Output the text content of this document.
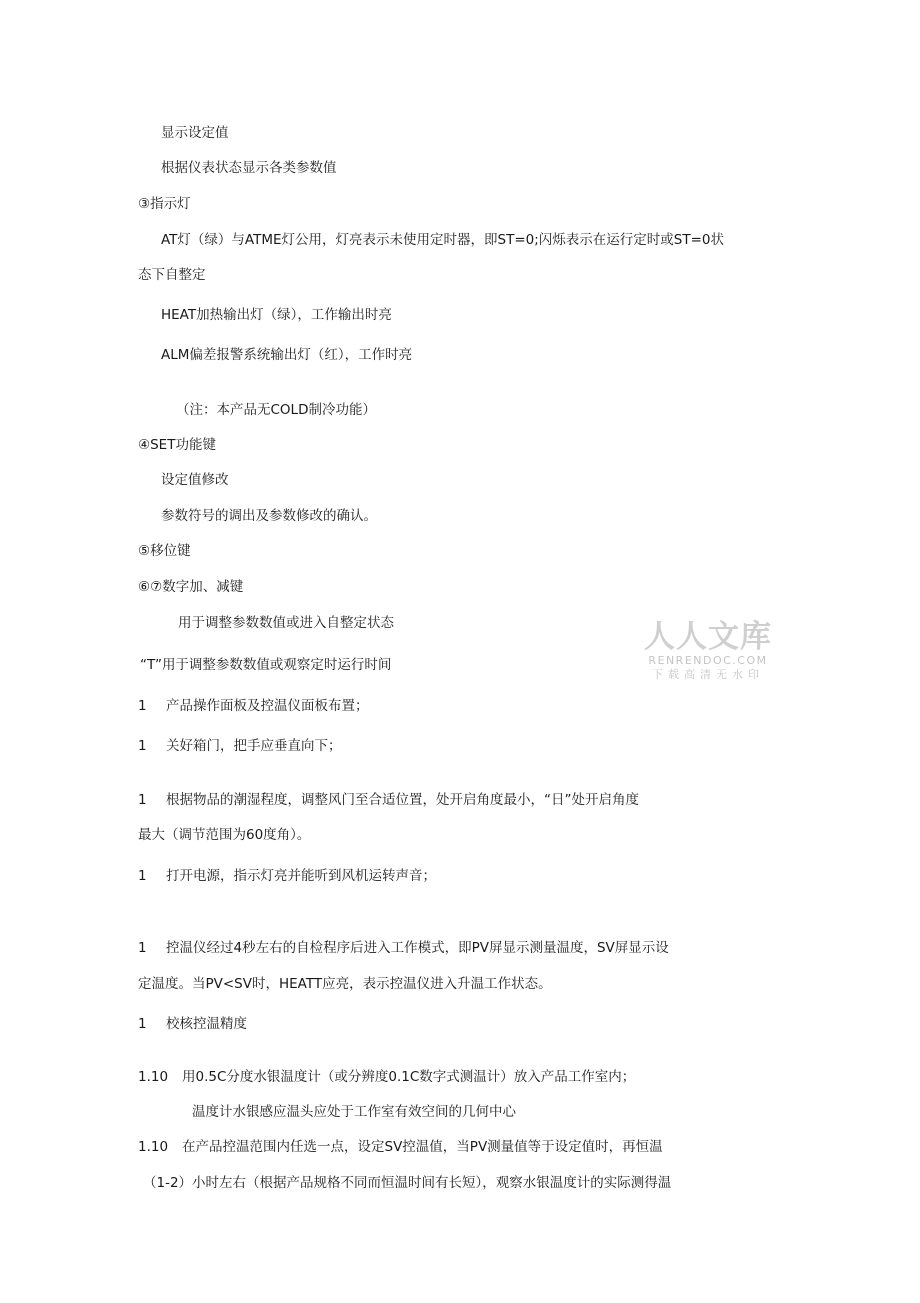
显示设定值
根据仪表状态显示各类参数值
③指示灯
AT灯（绿）与ATME灯公用，灯亮表示未使用定时器，即ST=0;闪烁表示在运行定时或ST=0状
态下自整定
HEAT加热输出灯（绿），工作输出时亮
ALM偏差报警系统输出灯（红），工作时亮
（注：本产品无COLD制冷功能）
④SET功能键
设定值修改
参数符号的调出及参数修改的确认。
⑤移位键
⑥⑦数字加、减键
用于调整参数数值或进入自整定状态
“T”用于调整参数数值或观察定时运行时间
1 产品操作面板及控温仪面板布置；
1 关好箱门，把手应垂直向下；
1 根据物品的潮湿程度，调整风门至合适位置，处开启角度最小，“日”处开启角度
最大（调节范围为60度角）。
1 打开电源，指示灯亮并能听到风机运转声音；
1 控温仪经过4秒左右的自检程序后进入工作模式，即PV屏显示测量温度，SV屏显示设
定温度。当PV<SV时，HEATT应亮，表示控温仪进入升温工作状态。
1 校核控温精度
1.10 用0.5C分度水银温度计（或分辨度0.1C数字式测温计）放入产品工作室内；
温度计水银感应温头应处于工作室有效空间的几何中心
1.10 在产品控温范围内任选一点，设定SV控温值，当PV测量值等于设定值时，再恒温
（1-2）小时左右（根据产品规格不同而恒温时间有长短），观察水银温度计的实际测得温
人人文库
RENRENDOC.COM
下载高清无水印
